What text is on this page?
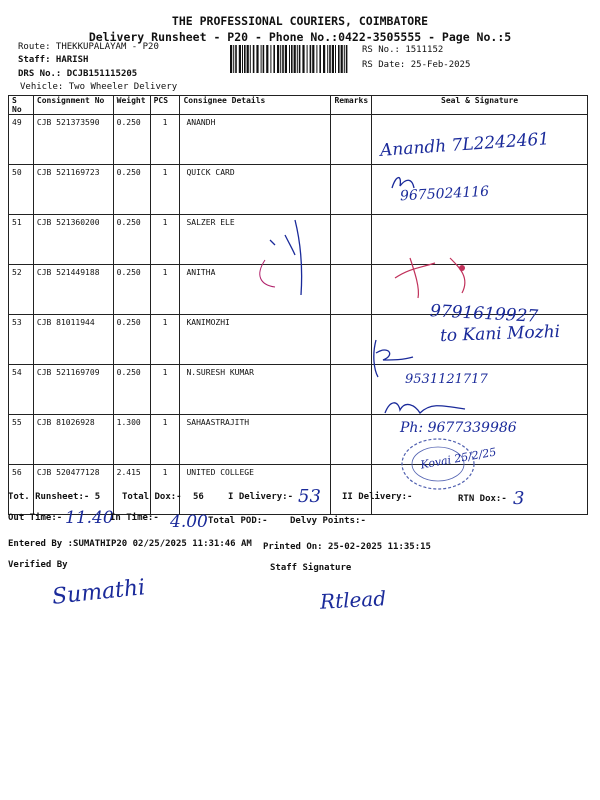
THE PROFESSIONAL COURIERS, COIMBATORE
Delivery Runsheet - P20 - Phone No.:0422-3505555 - Page No.:5
Route: THEKKUPALAYAM - P20
Staff: HARISH
DRS No.: DCJB151115205
Vehicle: Two Wheeler Delivery
RS No.: 1511152
RS Date: 25-Feb-2025
S No	Consignment No	Weight	PCS	Consignee Details	Remarks	Seal & Signature
49	CJB 521373590	0.250	1	ANANDH		
50	CJB 521169723	0.250	1	QUICK CARD		
51	CJB 521360200	0.250	1	SALZER ELE		
52	CJB 521449188	0.250	1	ANITHA		
53	CJB 81011944	0.250	1	KANIMOZHI		
54	CJB 521169709	0.250	1	N.SURESH KUMAR		
55	CJB 81026928	1.300	1	SAHAASTRAJITH		
56	CJB 520477128	2.415	1	UNITED COLLEGE		
Anandh 7L2242461
9675024116
9791619927
to Kani Mozhi
9531121717
Ph: 9677339986
Kovai 25/2/25
Tot. Runsheet:- 5 Total Dox:- 56	I Delivery:- 53 II Delivery:-	RTN Dox:- 3
Out Time:- 11.40
In Time:- 4.00 Total POD:- Delvy Points:-
Entered By :SUMATHIP20 02/25/2025 11:31:46 AM Printed On: 25-02-2025 11:35:15
Verified By	Staff Signature
Sumathi	Rtlead
